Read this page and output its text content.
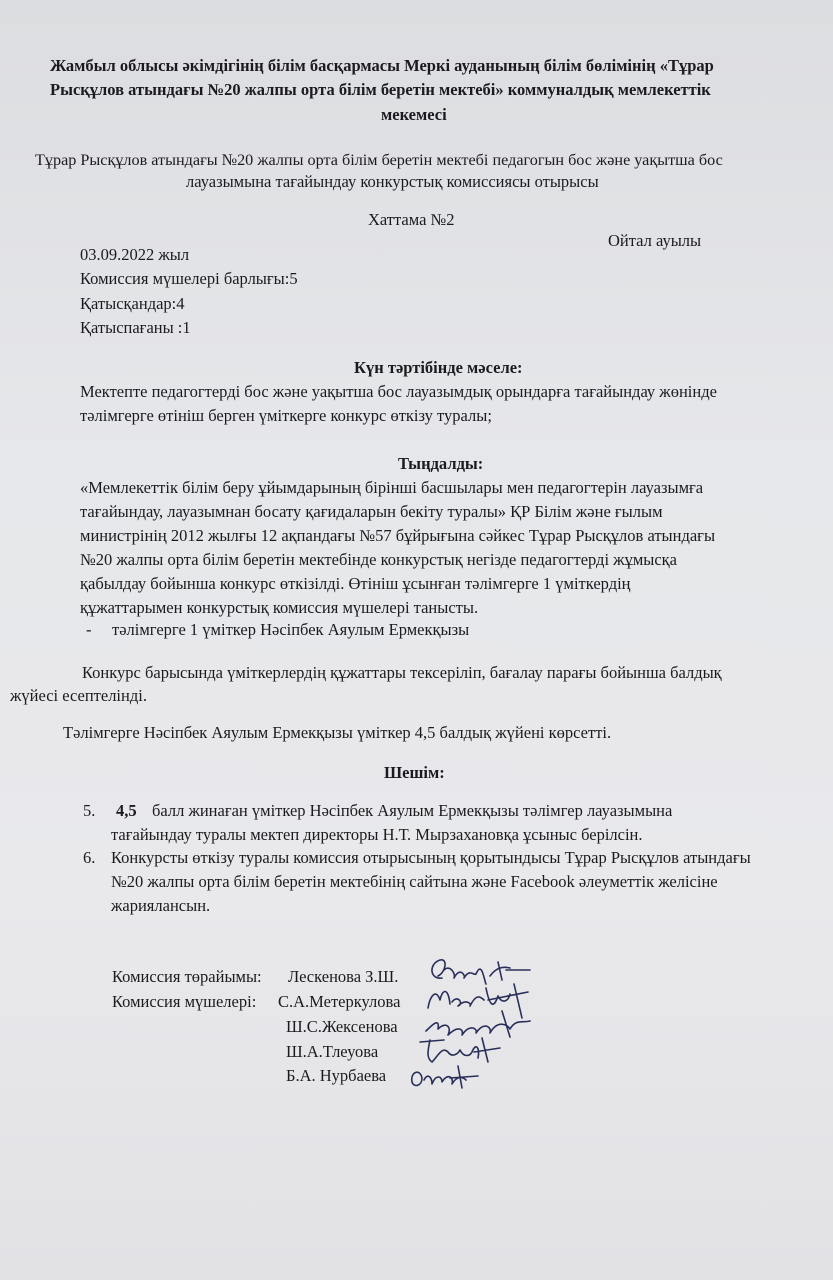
Жамбыл облысы әкімдігінің білім басқармасы Меркі ауданының білім бөлімінің «Тұрар
Рысқұлов атындағы №20 жалпы орта білім беретін мектебі» коммуналдық мемлекеттік
мекемесі
Тұрар Рысқұлов атындағы №20 жалпы орта білім беретін мектебі педагогын бос және уақытша бос
лауазымына тағайындау конкурстық комиссиясы отырысы
Хаттама №2
03.09.2022 жыл
Ойтал ауылы
Комиссия мүшелері барлығы:5
Қатысқандар:4
Қатыспағаны :1
Күн тәртібінде мәселе:
Мектепте педагогтерді бос және уақытша бос лауазымдық орындарға тағайындау жөнінде
тәлімгерге өтініш берген үміткерге конкурс өткізу туралы;
Тыңдалды:
«Мемлекеттік білім беру ұйымдарының бірінші басшылары мен педагогтерін лауазымға
тағайындау, лауазымнан босату қағидаларын бекіту туралы» ҚР Білім және ғылым
министрінің 2012 жылғы 12 ақпандағы №57 бұйрығына сәйкес Тұрар Рысқұлов атындағы
№20 жалпы орта білім беретін мектебінде конкурстық негізде педагогтерді жұмысқа
қабылдау бойынша конкурс өткізілді. Өтініш ұсынған тәлімгерге 1 үміткердің
құжаттарымен конкурстық комиссия мүшелері танысты.
- тәлімгерге 1 үміткер Нәсіпбек Аяулым Ермекқызы
Конкурс барысында үміткерлердің құжаттары тексеріліп, бағалау парағы бойынша балдық
жүйесі есептелінді.
Тәлімгерге Нәсіпбек Аяулым Ермекқызы үміткер 4,5 балдық жүйені көрсетті.
Шешім:
5. 4,5 балл жинаған үміткер Нәсіпбек Аяулым Ермекқызы тәлімгер лауазымына
тағайындау туралы мектеп директоры Н.Т. Мырзахановқа ұсыныс берілсін.
6. Конкурсты өткізу туралы комиссия отырысының қорытындысы Тұрар Рысқұлов атындағы
№20 жалпы орта білім беретін мектебінің сайтына және Facebook әлеуметтік желісіне
жариялансын.
Комиссия төрайымы: Лескенова З.Ш.
Комиссия мүшелері: С.А.Метеркулова
Ш.С.Жексенова
Ш.А.Тлеуова
Б.А. Нурбаева
